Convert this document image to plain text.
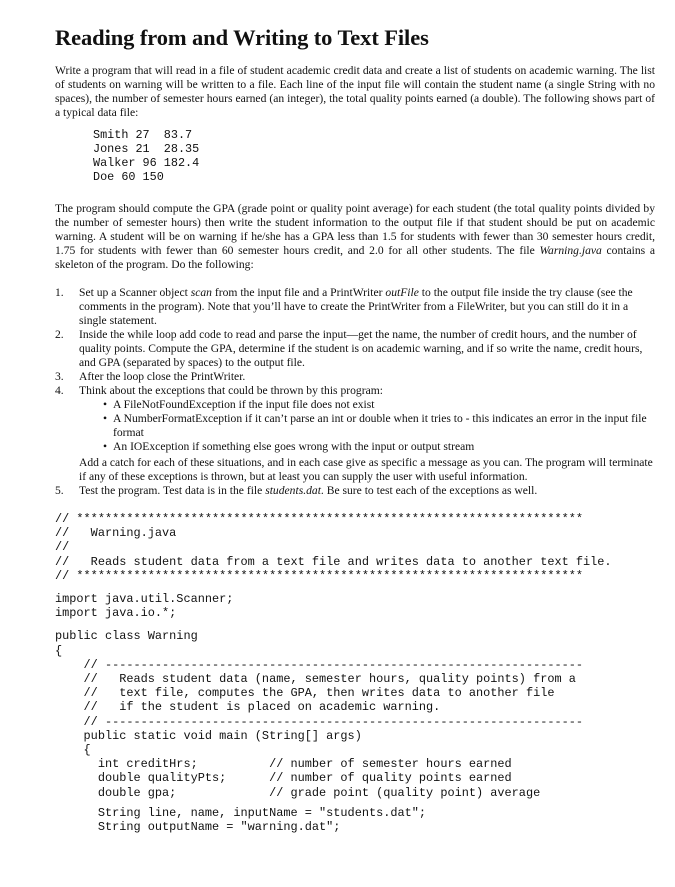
Reading from and Writing to Text Files

Write a program that will read in a file of student academic credit data and create a list of students on academic warning. The list of students on warning will be written to a file. Each line of the input file will contain the student name (a single String with no spaces), the number of semester hours earned (an integer), the total quality points earned (a double). The following shows part of a typical data file:

Smith 27  83.7
Jones 21  28.35
Walker 96 182.4
Doe 60 150

The program should compute the GPA (grade point or quality point average) for each student (the total quality points divided by the number of semester hours) then write the student information to the output file if that student should be put on academic warning. A student will be on warning if he/she has a GPA less than 1.5 for students with fewer than 30 semester hours credit, 1.75 for students with fewer than 60 semester hours credit, and 2.0 for all other students. The file Warning.java contains a skeleton of the program. Do the following:

1. Set up a Scanner object scan from the input file and a PrintWriter outFile to the output file inside the try clause (see the comments in the program). Note that you’ll have to create the PrintWriter from a FileWriter, but you can still do it in a single statement.
2. Inside the while loop add code to read and parse the input—get the name, the number of credit hours, and the number of quality points. Compute the GPA, determine if the student is on academic warning, and if so write the name, credit hours, and GPA (separated by spaces) to the output file.
3. After the loop close the PrintWriter.
4. Think about the exceptions that could be thrown by this program:
• A FileNotFoundException if the input file does not exist
• A NumberFormatException if it can’t parse an int or double when it tries to - this indicates an error in the input file format
• An IOException if something else goes wrong with the input or output stream
Add a catch for each of these situations, and in each case give as specific a message as you can. The program will terminate if any of these exceptions is thrown, but at least you can supply the user with useful information.
5. Test the program. Test data is in the file students.dat. Be sure to test each of the exceptions as well.
// ***********************************************************************
//   Warning.java
//
//   Reads student data from a text file and writes data to another text file.
// ***********************************************************************
import java.util.Scanner;
import java.io.*;
public class Warning
{
// -------------------------------------------------------------------
//   Reads student data (name, semester hours, quality points) from a
//   text file, computes the GPA, then writes data to another file
//   if the student is placed on academic warning.
// -------------------------------------------------------------------
public static void main (String[] args)
{
int creditHrs;          // number of semester hours earned
double qualityPts;      // number of quality points earned
double gpa;             // grade point (quality point) average
String line, name, inputName = "students.dat";
String outputName = "warning.dat";
